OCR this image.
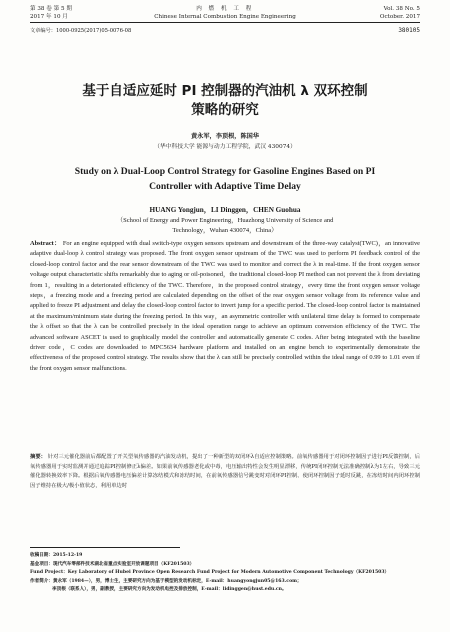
第 38 卷 第 5 期
2017 年 10 月
内 燃 机 工 程
Chinese Internal Combustion Engine Engineering
Vol. 38 No. 5
October. 2017
文章编号：1000-0925(2017)05-0076-08	380105
基于自适应延时 PI 控制器的汽油机 λ 双环控制
策略的研究
黄永军，李顶根，陈国华
（华中科技大学 能源与动力工程学院，武汉 430074）
Study on λ Dual-Loop Control Strategy for Gasoline Engines Based on PI
Controller with Adaptive Time Delay
HUANG Yongjun，LI Dinggen，CHEN Guohua
（School of Energy and Power Engineering，Huazhong University of Science and
Technology，Wuhan 430074，China）
Abstract： For an engine equipped with dual switch-type oxygen sensors upstream and downstream of the three-way catalyst(TWC)，an innovative adaptive dual-loop λ control strategy was proposed. The front oxygen sensor upstream of the TWC was used to perform PI feedback control of the closed-loop control factor and the rear sensor downstream of the TWC was used to monitor and correct the λ in real-time. If the front oxygen sensor voltage output characteristic shifts remarkably due to aging or oil-poisoned，the traditional closed-loop PI method can not prevent the λ from deviating from 1，resulting in a deteriorated efficiency of the TWC. Therefore，in the proposed control strategy，every time the front oxygen sensor voltage steps，a freezing mode and a freezing period are calculated depending on the offset of the rear oxygen sensor voltage from its reference value and applied to freeze PI adjustment and delay the closed-loop control factor to invert jump for a specific period. The closed-loop control factor is maintained at the maximum/minimum state during the freezing period. In this way，an asymmetric controller with unilateral time delay is formed to compensate the λ offset so that the λ can be controlled precisely in the ideal operation range to achieve an optimum conversion efficiency of the TWC. The advanced software ASCET is used to graphically model the controller and automatically generate C codes. After being integrated with the baseline driver code，C codes are downloaded to MPC5634 hardware platform and installed on an engine bench to experimentally demonstrate the effectiveness of the proposed control strategy. The results show that the λ can still be precisely controlled within the ideal range of 0.99 to 1.01 even if the front oxygen sensor malfunctions.
摘要： 针对三元催化器前后都配置了开关型氧传感器的汽油发动机，提出了一种新型的双闭环λ自适应控制策略。前氧传感器用于对闭环控制因子进行PI反馈控制，后氧传感器用于实时监测并通过追踪PI控制修正λ偏差。如果前氧传感器老化或中毒，电压输出特性会发生明显漂移，传统PI闭环控制无法准确控制λ为1左右，导致三元催化器转换效率下降。根据后氧传感器电压偏差计算冻结模式和冻结时间，在前氧传感器信号跳变时对闭环PI控制、使闭环控制因子延时反跳，在冻结时间内闭环控制因子维持在极大/极小值状态，利用单边时
收稿日期：2015-12-19
基金项目：现代汽车零部件技术湖北省重点实验室开放课题项目（KF201503）
Fund Project：Key Laboratory of Hubei Province Open Research Fund Project for Modern Automotive Component Technology（KF201503）
作者简介：黄永军（1984—），男，博士生，主要研究方向为基于模型的发动机标定，E-mail：huangyongjun05@163.com；
李顶根（联系人），男，副教授，主要研究方向为发动机电控及排放控制，E-mail：lidinggen@hust.edu.cn。
